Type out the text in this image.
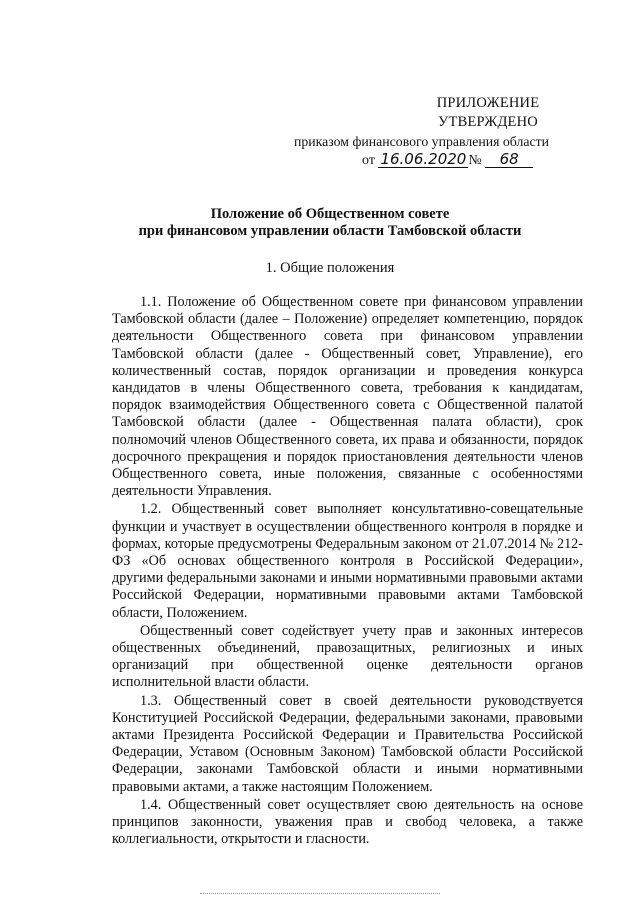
ПРИЛОЖЕНИЕ
УТВЕРЖДЕНО
приказом финансового управления области
от 16.06.2020 № 68
Положение об Общественном совете
при финансовом управлении области Тамбовской области
1. Общие положения

1.1. Положение об Общественном совете при финансовом управлении Тамбовской области (далее – Положение) определяет компетенцию, порядок деятельности Общественного совета при финансовом управлении Тамбовской области (далее - Общественный совет, Управление), его количественный состав, порядок организации и проведения конкурса кандидатов в члены Общественного совета, требования к кандидатам, порядок взаимодействия Общественного совета с Общественной палатой Тамбовской области (далее - Общественная палата области), срок полномочий членов Общественного совета, их права и обязанности, порядок досрочного прекращения и порядок приостановления деятельности членов Общественного совета, иные положения, связанные с особенностями деятельности Управления.

1.2. Общественный совет выполняет консультативно-совещательные функции и участвует в осуществлении общественного контроля в порядке и формах, которые предусмотрены Федеральным законом от 21.07.2014 № 212-ФЗ «Об основах общественного контроля в Российской Федерации», другими федеральными законами и иными нормативными правовыми актами Российской Федерации, нормативными правовыми актами Тамбовской области, Положением.

Общественный совет содействует учету прав и законных интересов общественных объединений, правозащитных, религиозных и иных организаций при общественной оценке деятельности органов исполнительной власти области.

1.3. Общественный совет в своей деятельности руководствуется Конституцией Российской Федерации, федеральными законами, правовыми актами Президента Российской Федерации и Правительства Российской Федерации, Уставом (Основным Законом) Тамбовской области Российской Федерации, законами Тамбовской области и иными нормативными правовыми актами, а также настоящим Положением.

1.4. Общественный совет осуществляет свою деятельность на основе принципов законности, уважения прав и свобод человека, а также коллегиальности, открытости и гласности.
